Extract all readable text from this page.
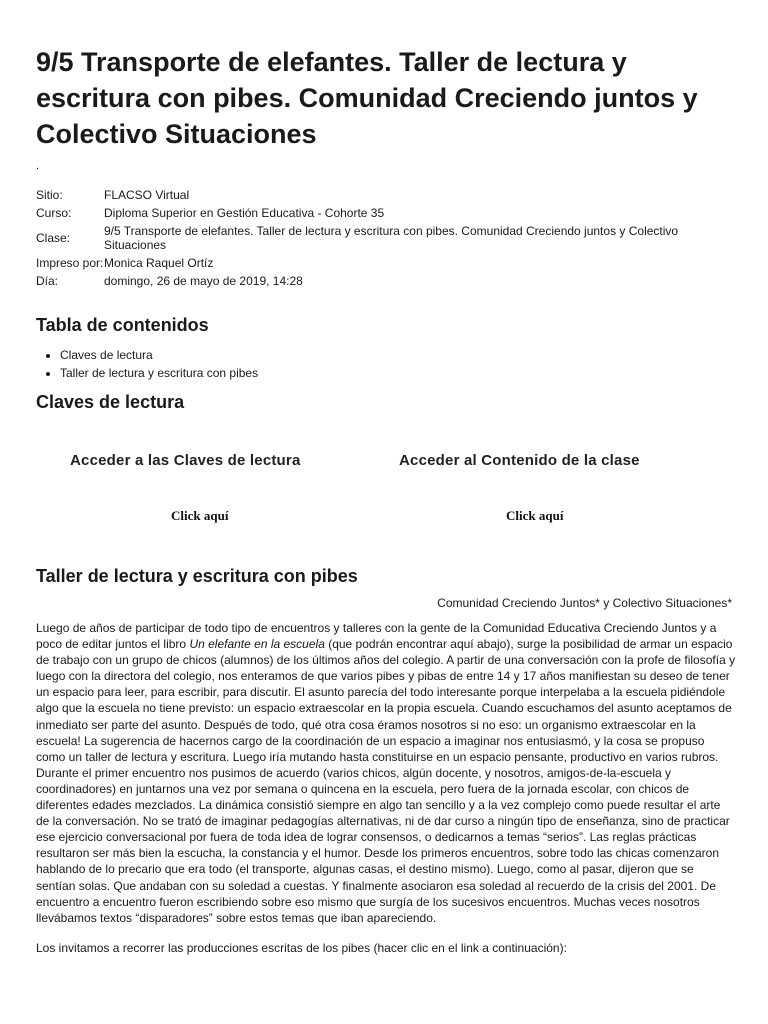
9/5 Transporte de elefantes. Taller de lectura y escritura con pibes. Comunidad Creciendo juntos y Colectivo Situaciones
.
Sitio:	FLACSO Virtual
Curso:	Diploma Superior en Gestión Educativa - Cohorte 35
Clase:	9/5 Transporte de elefantes. Taller de lectura y escritura con pibes. Comunidad Creciendo juntos y Colectivo Situaciones
Impreso por:	Monica Raquel Ortíz
Día:	domingo, 26 de mayo de 2019, 14:28
Tabla de contenidos
• Claves de lectura
• Taller de lectura y escritura con pibes
Claves de lectura
Acceder a las Claves de lectura
Click aquí
Acceder al Contenido de la clase
Click aquí
Taller de lectura y escritura con pibes
Comunidad Creciendo Juntos* y Colectivo Situaciones*

Luego de años de participar de todo tipo de encuentros y talleres con la gente de la Comunidad Educativa Creciendo Juntos y a poco de editar juntos el libro Un elefante en la escuela (que podrán encontrar aquí abajo), surge la posibilidad de armar un espacio de trabajo con un grupo de chicos (alumnos) de los últimos años del colegio. A partir de una conversación con la profe de filosofía y luego con la directora del colegio, nos enteramos de que varios pibes y pibas de entre 14 y 17 años manifiestan su deseo de tener un espacio para leer, para escribir, para discutir. El asunto parecía del todo interesante porque interpelaba a la escuela pidiéndole algo que la escuela no tiene previsto: un espacio extraescolar en la propia escuela. Cuando escuchamos del asunto aceptamos de inmediato ser parte del asunto. Después de todo, qué otra cosa éramos nosotros si no eso: un organismo extraescolar en la escuela! La sugerencia de hacernos cargo de la coordinación de un espacio a imaginar nos entusiasmó, y la cosa se propuso como un taller de lectura y escritura. Luego iría mutando hasta constituirse en un espacio pensante, productivo en varios rubros. Durante el primer encuentro nos pusimos de acuerdo (varios chicos, algún docente, y nosotros, amigos-de-la-escuela y coordinadores) en juntarnos una vez por semana o quincena en la escuela, pero fuera de la jornada escolar, con chicos de diferentes edades mezclados. La dinámica consistió siempre en algo tan sencillo y a la vez complejo como puede resultar el arte de la conversación. No se trató de imaginar pedagogías alternativas, ni de dar curso a ningún tipo de enseñanza, sino de practicar ese ejercicio conversacional por fuera de toda idea de lograr consensos, o dedicarnos a temas “serios”. Las reglas prácticas resultaron ser más bien la escucha, la constancia y el humor. Desde los primeros encuentros, sobre todo las chicas comenzaron hablando de lo precario que era todo (el transporte, algunas casas, el destino mismo). Luego, como al pasar, dijeron que se sentían solas. Que andaban con su soledad a cuestas. Y finalmente asociaron esa soledad al recuerdo de la crisis del 2001. De encuentro a encuentro fueron escribiendo sobre eso mismo que surgía de los sucesivos encuentros. Muchas veces nosotros llevábamos textos “disparadores” sobre estos temas que iban apareciendo.

Los invitamos a recorrer las producciones escritas de los pibes (hacer clic en el link a continuación):
